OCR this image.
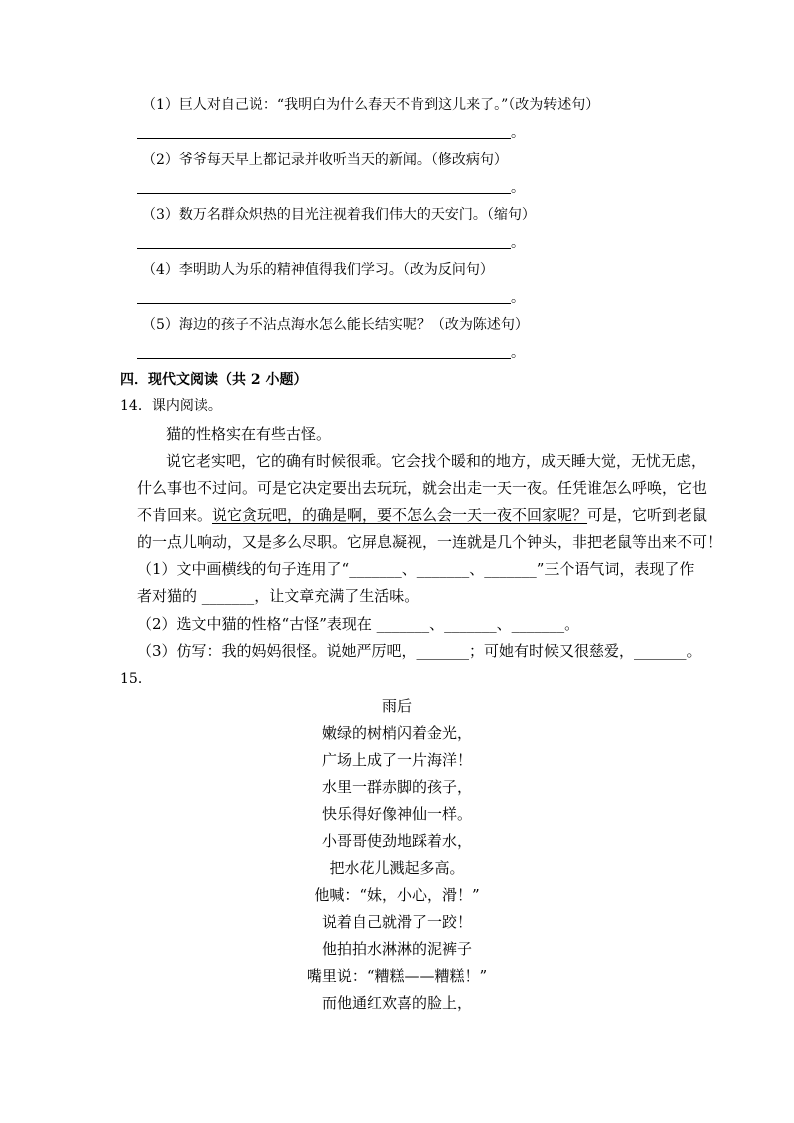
（1）巨人对自己说：“我明白为什么春天不肯到这儿来了。”（改为转述句）
。
（2）爷爷每天早上都记录并收听当天的新闻。（修改病句）
。
（3）数万名群众炽热的目光注视着我们伟大的天安门。（缩句）
。
（4）李明助人为乐的精神值得我们学习。（改为反问句）
。
（5）海边的孩子不沾点海水怎么能长结实呢？（改为陈述句）
。
四．现代文阅读（共 2 小题）
14．课内阅读。
猫的性格实在有些古怪。
说它老实吧，它的确有时候很乖。它会找个暖和的地方，成天睡大觉，无忧无虑，
什么事也不过问。可是它决定要出去玩玩，就会出走一天一夜。任凭谁怎么呼唤，它也
不肯回来。说它贪玩吧，的确是啊，要不怎么会一天一夜不回家呢？可是，它听到老鼠
的一点儿响动，又是多么尽职。它屏息凝视，一连就是几个钟头，非把老鼠等出来不可！
（1）文中画横线的句子连用了“_______、_______、_______”三个语气词，表现了作
者对猫的 _______，让文章充满了生活味。
（2）选文中猫的性格“古怪”表现在 _______、_______、_______。
（3）仿写：我的妈妈很怪。说她严厉吧，_______；可她有时候又很慈爱，_______。
15．
雨后
嫩绿的树梢闪着金光，
广场上成了一片海洋！
水里一群赤脚的孩子，
快乐得好像神仙一样。
小哥哥使劲地踩着水，
把水花儿溅起多高。
他喊：“妹，小心，滑！”
说着自己就滑了一跤！
他拍拍水淋淋的泥裤子
嘴里说：“糟糕——糟糕！”
而他通红欢喜的脸上，
